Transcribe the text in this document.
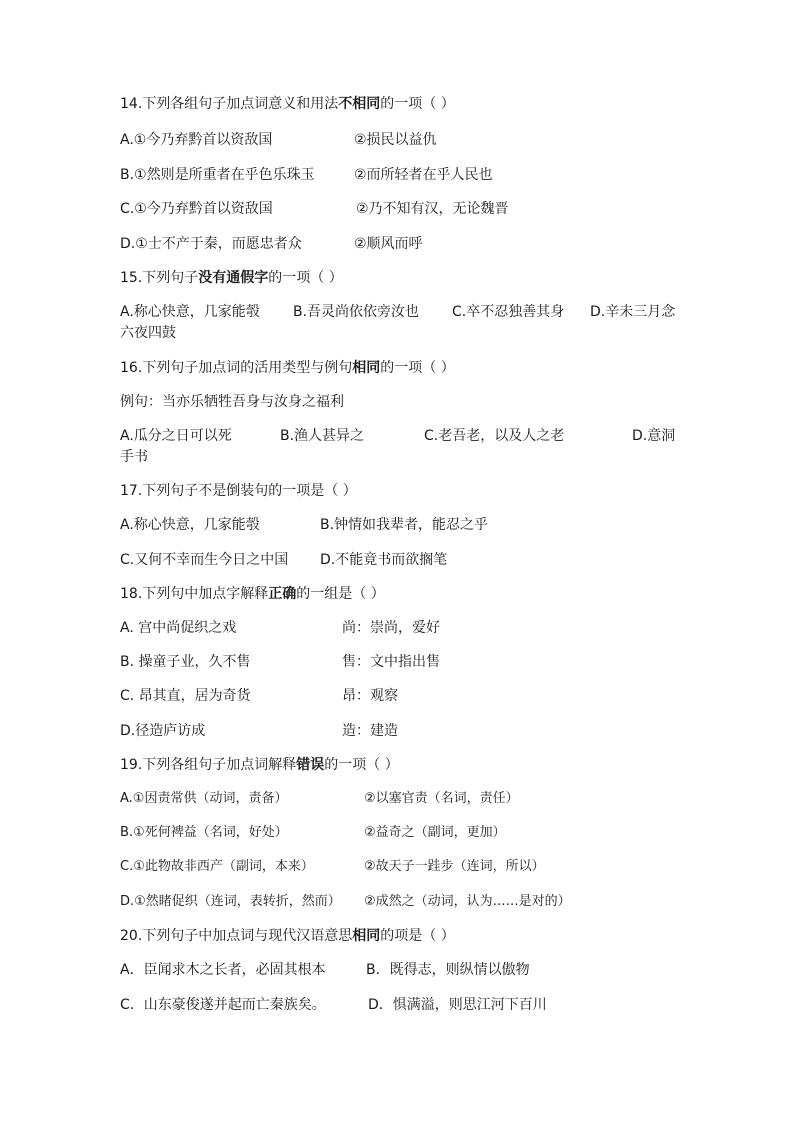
14.下列各组句子加点词意义和用法不相同的一项（ ）
A.①今乃弃黔首以资敌国	②损民以益仇
B.①然则是所重者在乎色乐珠玉	②而所轻者在乎人民也
C.①今乃弃黔首以资敌国	②乃不知有汉，无论魏晋
D.①士不产于秦，而愿忠者众	②顺风而呼
15.下列句子没有通假字的一项（ ）
A.称心快意，几家能彀 B.吾灵尚依依旁汝也 C.卒不忍独善其身 D.辛未三月念
六夜四鼓
16.下列句子加点词的活用类型与例句相同的一项（ ）
例句：当亦乐牺牲吾身与汝身之福利
A.瓜分之日可以死	B.渔人甚异之	C.老吾老，以及人之老	D.意洞
手书
17.下列句子不是倒装句的一项是（ ）
A.称心快意，几家能彀	B.钟情如我辈者，能忍之乎
C.又何不幸而生今日之中国 D.不能竟书而欲搁笔
18.下列句中加点字解释正确的一组是（ ）
A. 宫中尚促织之戏	尚：崇尚，爱好
B. 操童子业，久不售	售：文中指出售
C. 昂其直，居为奇货	昂：观察
D.径造庐访成	造：建造
19.下列各组句子加点词解释错误的一项（ ）
A.①因责常供（动词，责备）	②以塞官责（名词，责任）
B.①死何裨益（名词，好处）	②益奇之（副词，更加）
C.①此物故非西产（副词，本来）	②故天子一跬步（连词，所以）
D.①然睹促织（连词，表转折，然而） ②成然之（动词，认为……是对的）
20.下列句子中加点词与现代汉语意思相同的项是（ ）
A．臣闻求木之长者，必固其根本	B．既得志，则纵情以傲物
C．山东豪俊遂并起而亡秦族矣。	D．惧满溢，则思江河下百川
